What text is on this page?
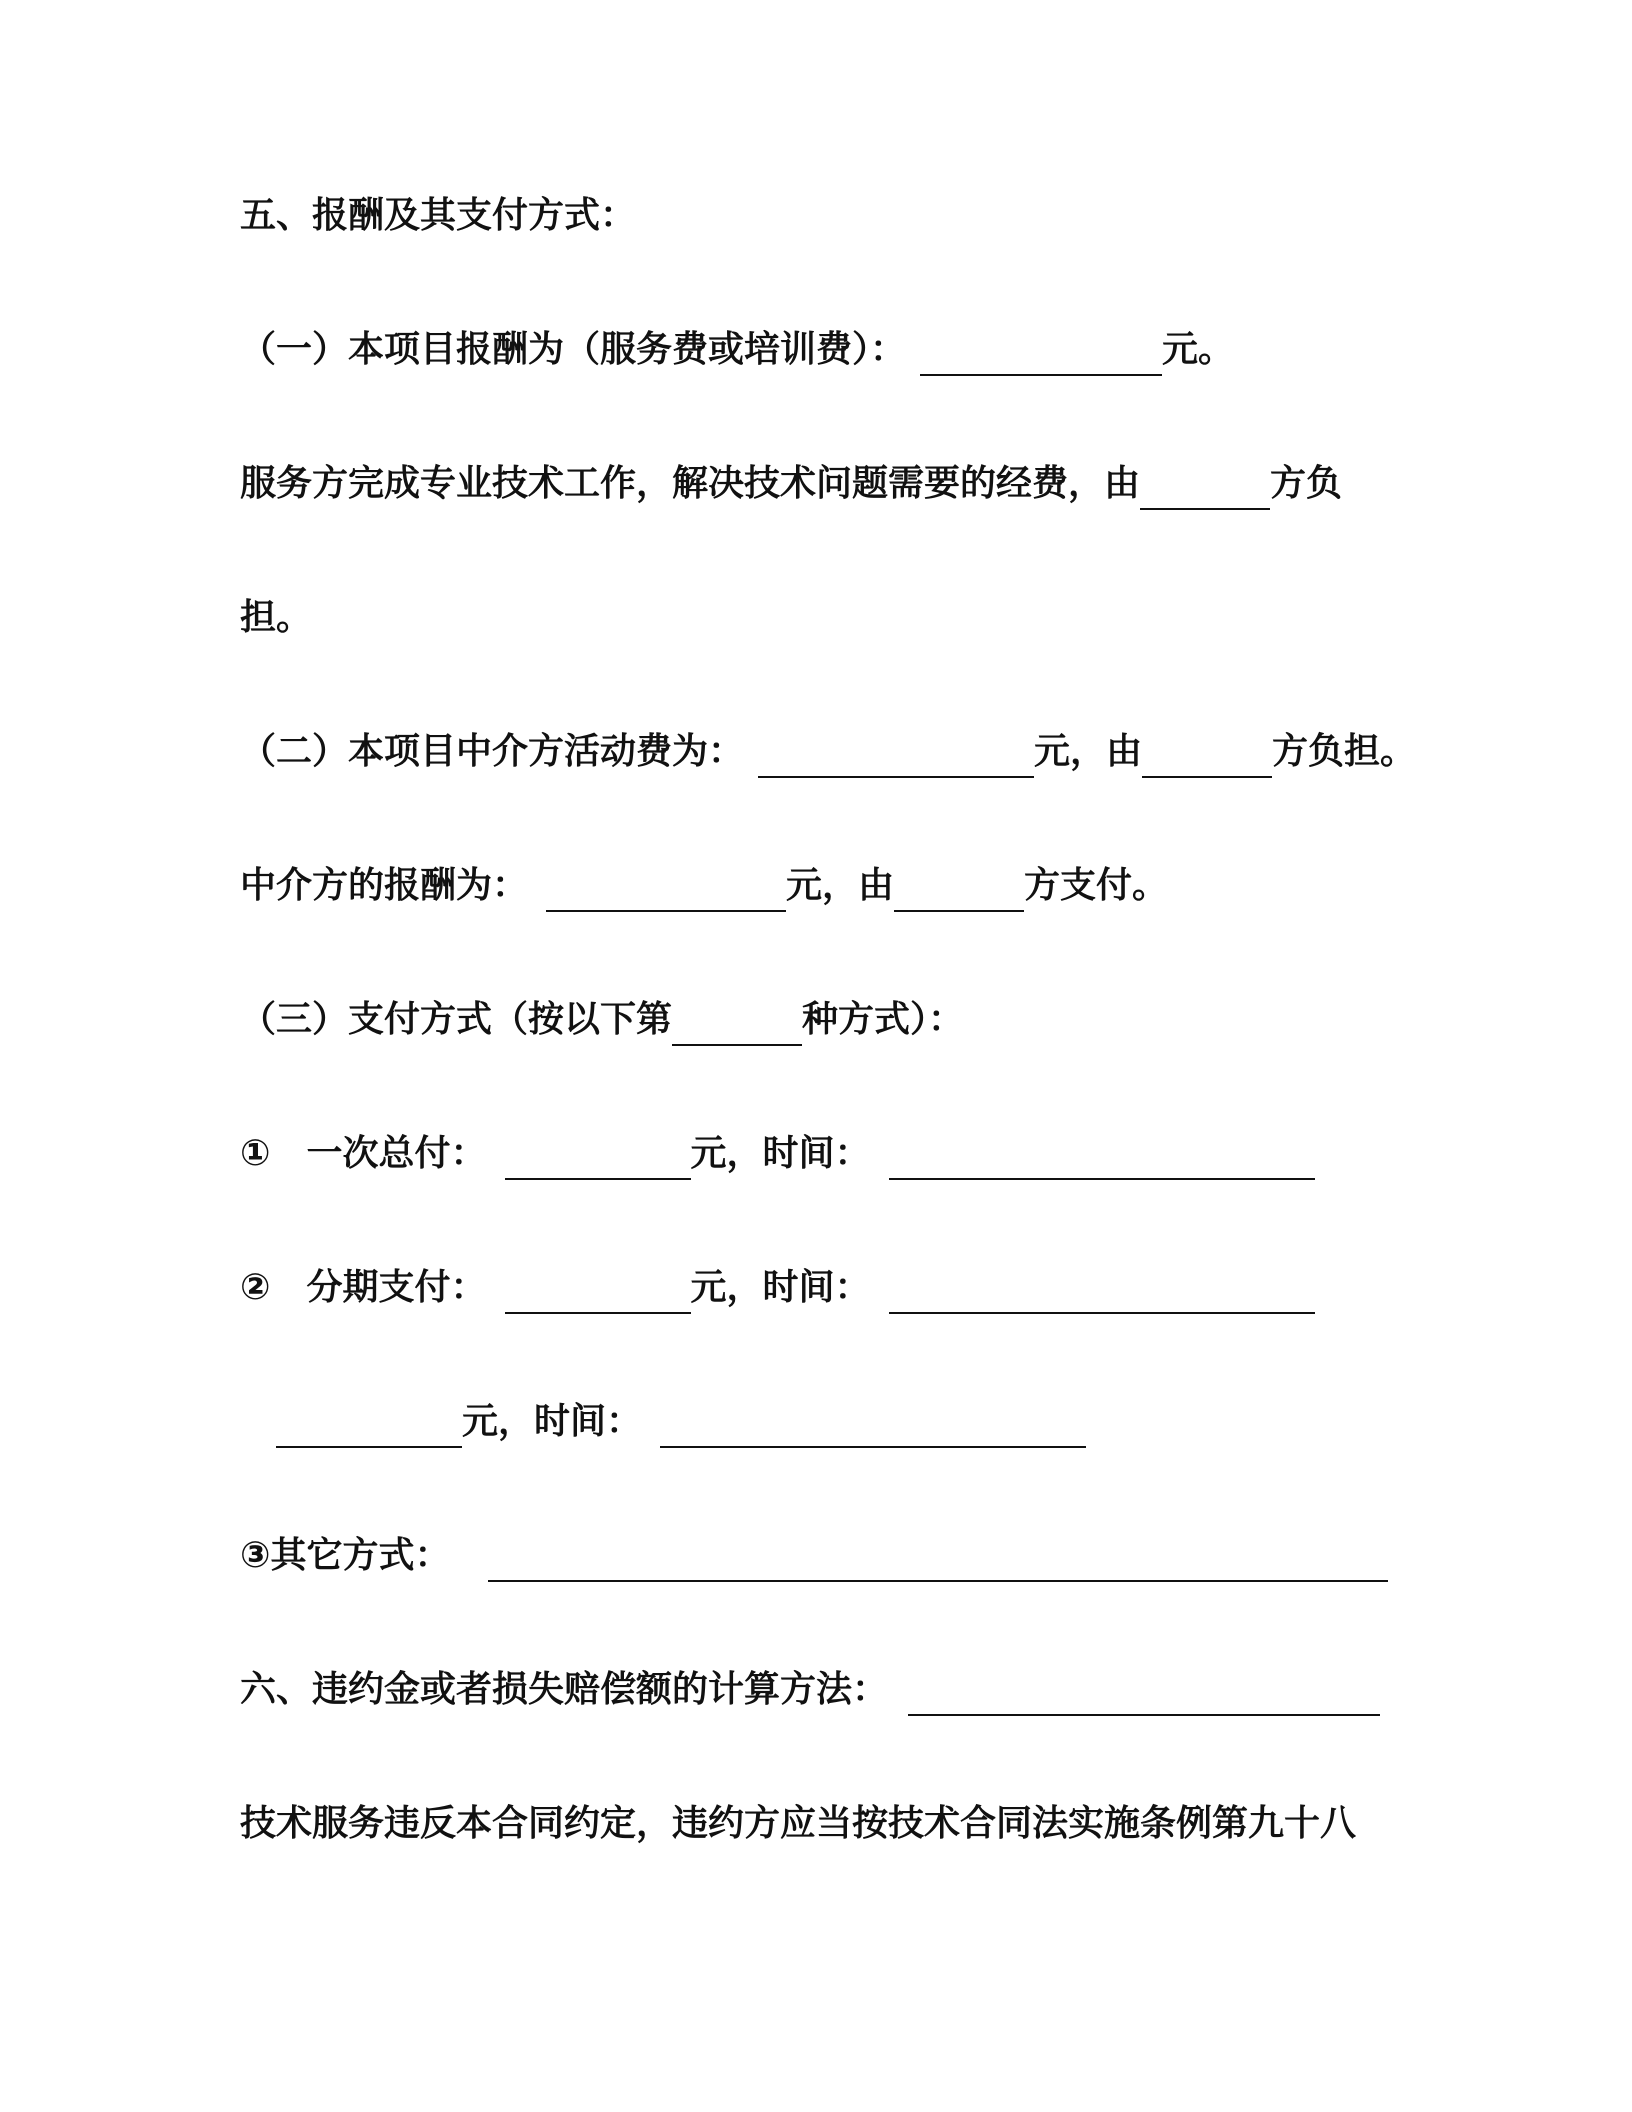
五、报酬及其支付方式：
（一）本项目报酬为（服务费或培训费）：	元。
服务方完成专业技术工作，解决技术问题需要的经费，由	方负
担。
（二）本项目中介方活动费为：	元，由	方负担。
中介方的报酬为：	元，由	方支付。
（三）支付方式（按以下第	种方式）：
① 一次总付：	元，时间：
② 分期支付：	元，时间：
元，时间：
③其它方式：
六、违约金或者损失赔偿额的计算方法：
技术服务违反本合同约定，违约方应当按技术合同法实施条例第九十八
